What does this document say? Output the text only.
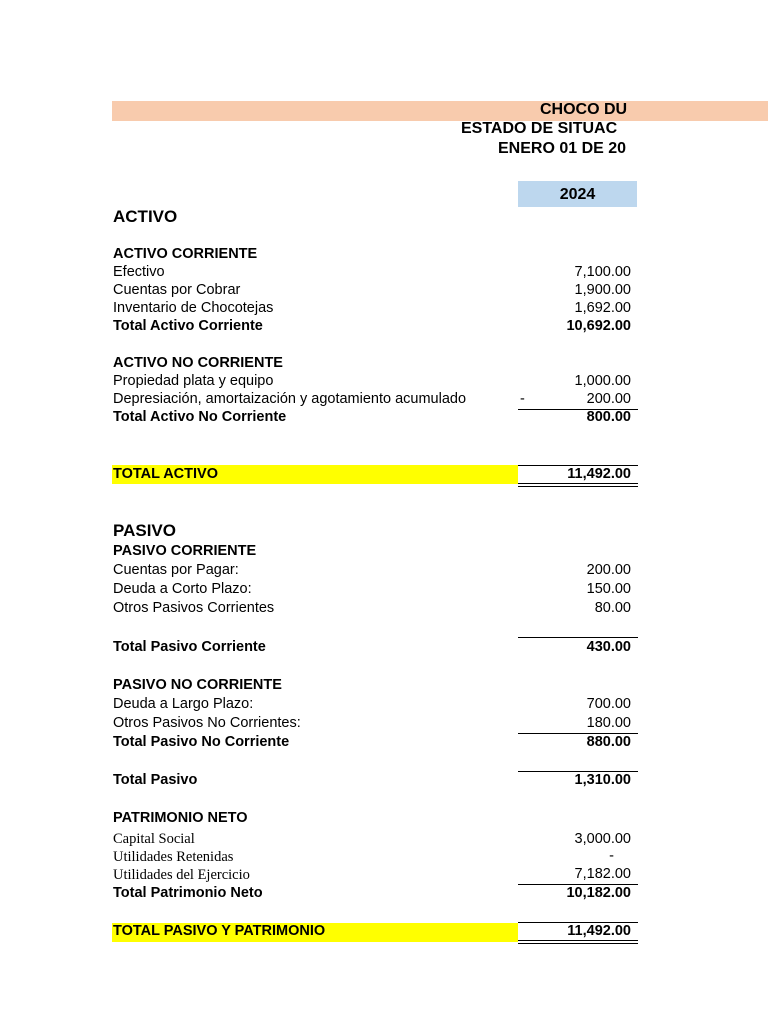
CHOCO DU
ESTADO DE SITUAC
ENERO 01 DE 20
2024
ACTIVO
ACTIVO CORRIENTE
Efectivo	7,100.00
Cuentas por Cobrar	1,900.00
Inventario de Chocotejas	1,692.00
Total Activo Corriente	10,692.00
ACTIVO NO CORRIENTE
Propiedad plata y equipo	1,000.00
Depresiación, amortaización y agotamiento acumulado	-	200.00
Total Activo No Corriente	800.00
TOTAL ACTIVO	11,492.00
PASIVO
PASIVO CORRIENTE
Cuentas por Pagar:	200.00
Deuda a Corto Plazo:	150.00
Otros Pasivos Corrientes	80.00
Total Pasivo Corriente	430.00
PASIVO NO CORRIENTE
Deuda a Largo Plazo:	700.00
Otros Pasivos No Corrientes:	180.00
Total Pasivo No Corriente	880.00
Total Pasivo	1,310.00
PATRIMONIO NETO
Capital Social	3,000.00
Utilidades Retenidas	-
Utilidades del Ejercicio	7,182.00
Total Patrimonio Neto	10,182.00
TOTAL PASIVO Y PATRIMONIO	11,492.00
